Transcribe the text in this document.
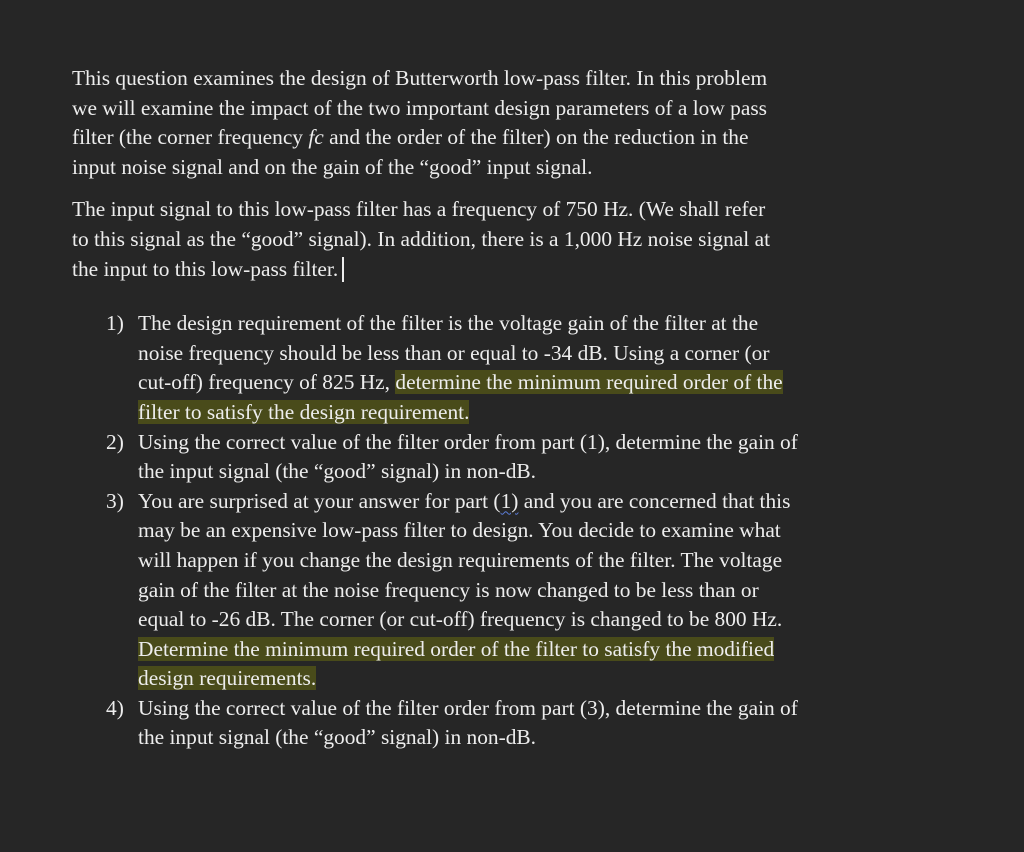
This question examines the design of Butterworth low-pass filter. In this problem
we will examine the impact of the two important design parameters of a low pass
filter (the corner frequency fc and the order of the filter) on the reduction in the
input noise signal and on the gain of the “good” input signal.

The input signal to this low-pass filter has a frequency of 750 Hz. (We shall refer
to this signal as the “good” signal). In addition, there is a 1,000 Hz noise signal at
the input to this low-pass filter.

1) The design requirement of the filter is the voltage gain of the filter at the
noise frequency should be less than or equal to -34 dB. Using a corner (or
cut-off) frequency of 825 Hz, determine the minimum required order of the
filter to satisfy the design requirement.
2) Using the correct value of the filter order from part (1), determine the gain of
the input signal (the “good” signal) in non-dB.
3) You are surprised at your answer for part (1) and you are concerned that this
may be an expensive low-pass filter to design. You decide to examine what
will happen if you change the design requirements of the filter. The voltage
gain of the filter at the noise frequency is now changed to be less than or
equal to -26 dB. The corner (or cut-off) frequency is changed to be 800 Hz.
Determine the minimum required order of the filter to satisfy the modified
design requirements.
4) Using the correct value of the filter order from part (3), determine the gain of
the input signal (the “good” signal) in non-dB.
